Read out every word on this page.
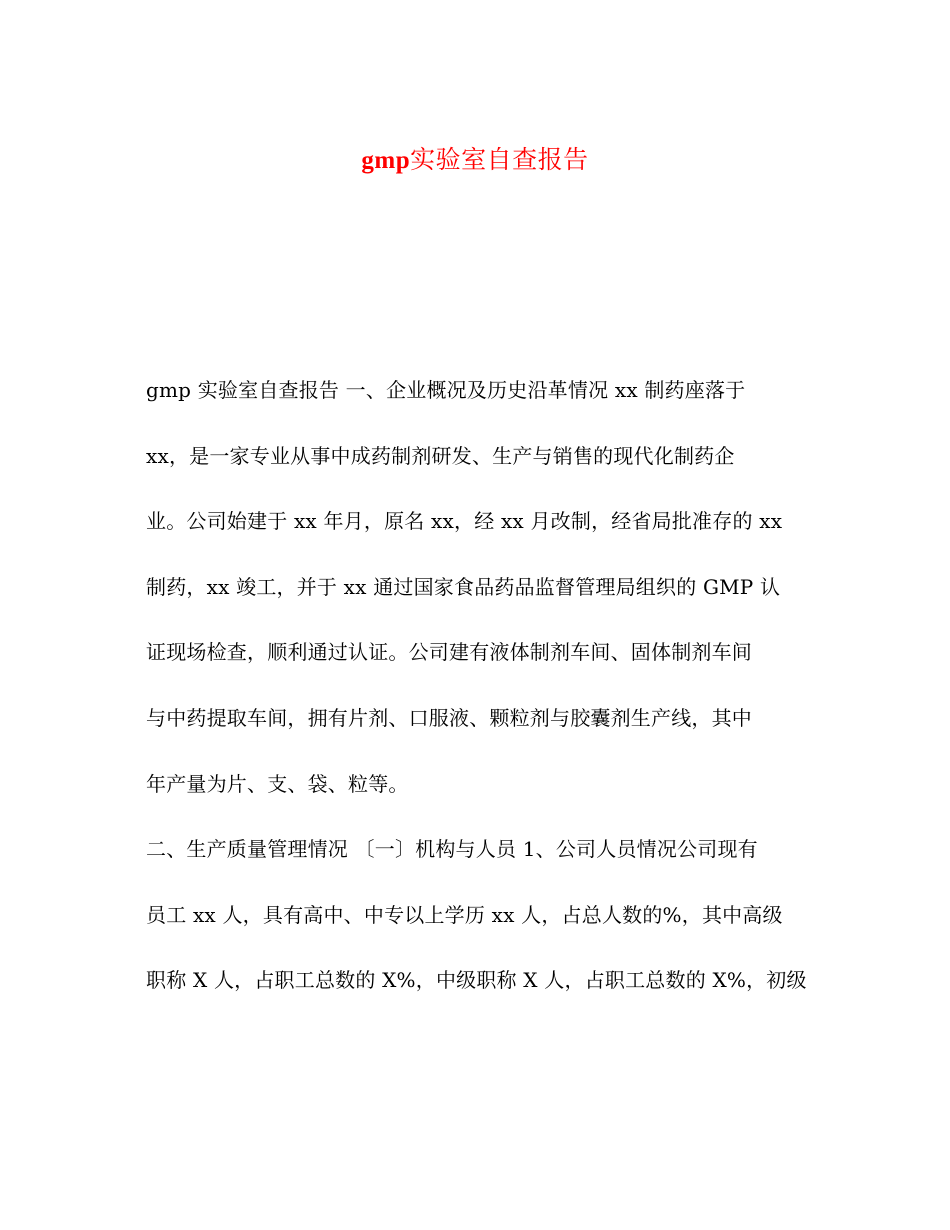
gmp实验室自查报告
gmp 实验室自查报告 一、企业概况及历史沿革情况 xx 制药座落于
xx，是一家专业从事中成药制剂研发、生产与销售的现代化制药企
业。公司始建于 xx 年月，原名 xx，经 xx 月改制，经省局批准存的 xx
制药，xx 竣工，并于 xx 通过国家食品药品监督管理局组织的 GMP 认
证现场检查，顺利通过认证。公司建有液体制剂车间、固体制剂车间
与中药提取车间，拥有片剂、口服液、颗粒剂与胶囊剂生产线，其中
年产量为片、支、袋、粒等。
二、生产质量管理情况 〔一〕机构与人员 1、公司人员情况公司现有
员工 xx 人，具有高中、中专以上学历 xx 人，占总人数的%，其中高级
职称 X 人，占职工总数的 X%，中级职称 X 人，占职工总数的 X%，初级
